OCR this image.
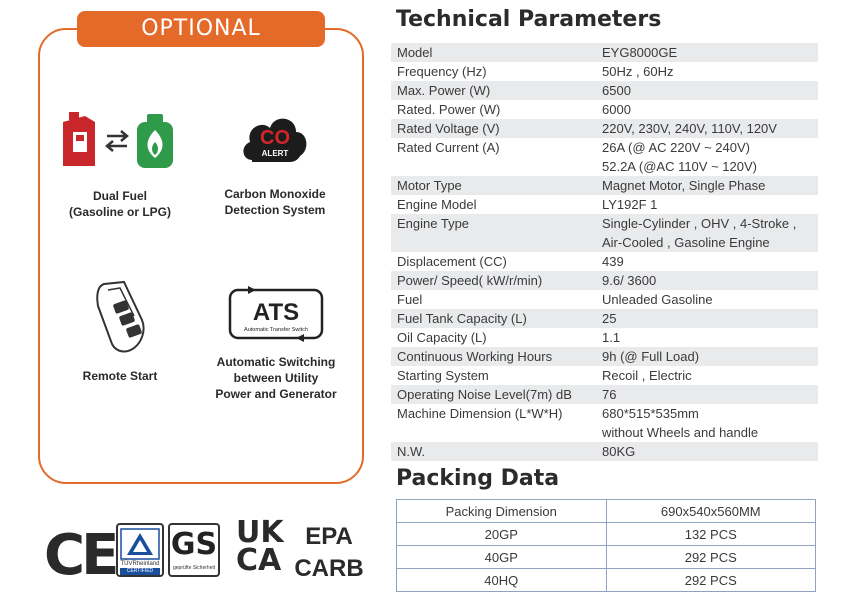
OPTIONAL
Dual Fuel
(Gasoline or LPG)
CO
ALERT
Carbon Monoxide
Detection System
Remote Start
ATS
Automatic Transfer Switch
Automatic Switching
between Utility
Power and Generator
CE TÜVRheinland
CERTIFIED
GS
geprüfte Sicherheit
UK
CA
EPA
CARB
Technical Parameters
Model	EYG8000GE
Frequency (Hz)	50Hz , 60Hz
Max. Power (W)	6500
Rated. Power (W)	6000
Rated Voltage (V)	220V, 230V, 240V, 110V, 120V
Rated Current (A)	26A (@ AC 220V ~ 240V)
52.2A (@AC 110V ~ 120V)
Motor Type	Magnet Motor, Single Phase
Engine Model	LY192F 1
Engine Type	Single-Cylinder , OHV , 4-Stroke ,
Air-Cooled , Gasoline Engine
Displacement (CC)	439
Power/ Speed( kW/r/min)	9.6/ 3600
Fuel	Unleaded Gasoline
Fuel Tank Capacity (L)	25
Oil Capacity (L)	1.1
Continuous Working Hours	9h (@ Full Load)
Starting System	Recoil , Electric
Operating Noise Level(7m) dB	76
Machine Dimension (L*W*H)	680*515*535mm
without Wheels and handle
N.W.	80KG
Packing Data
Packing Dimension	690x540x560MM
20GP	132 PCS
40GP	292 PCS
40HQ	292 PCS
